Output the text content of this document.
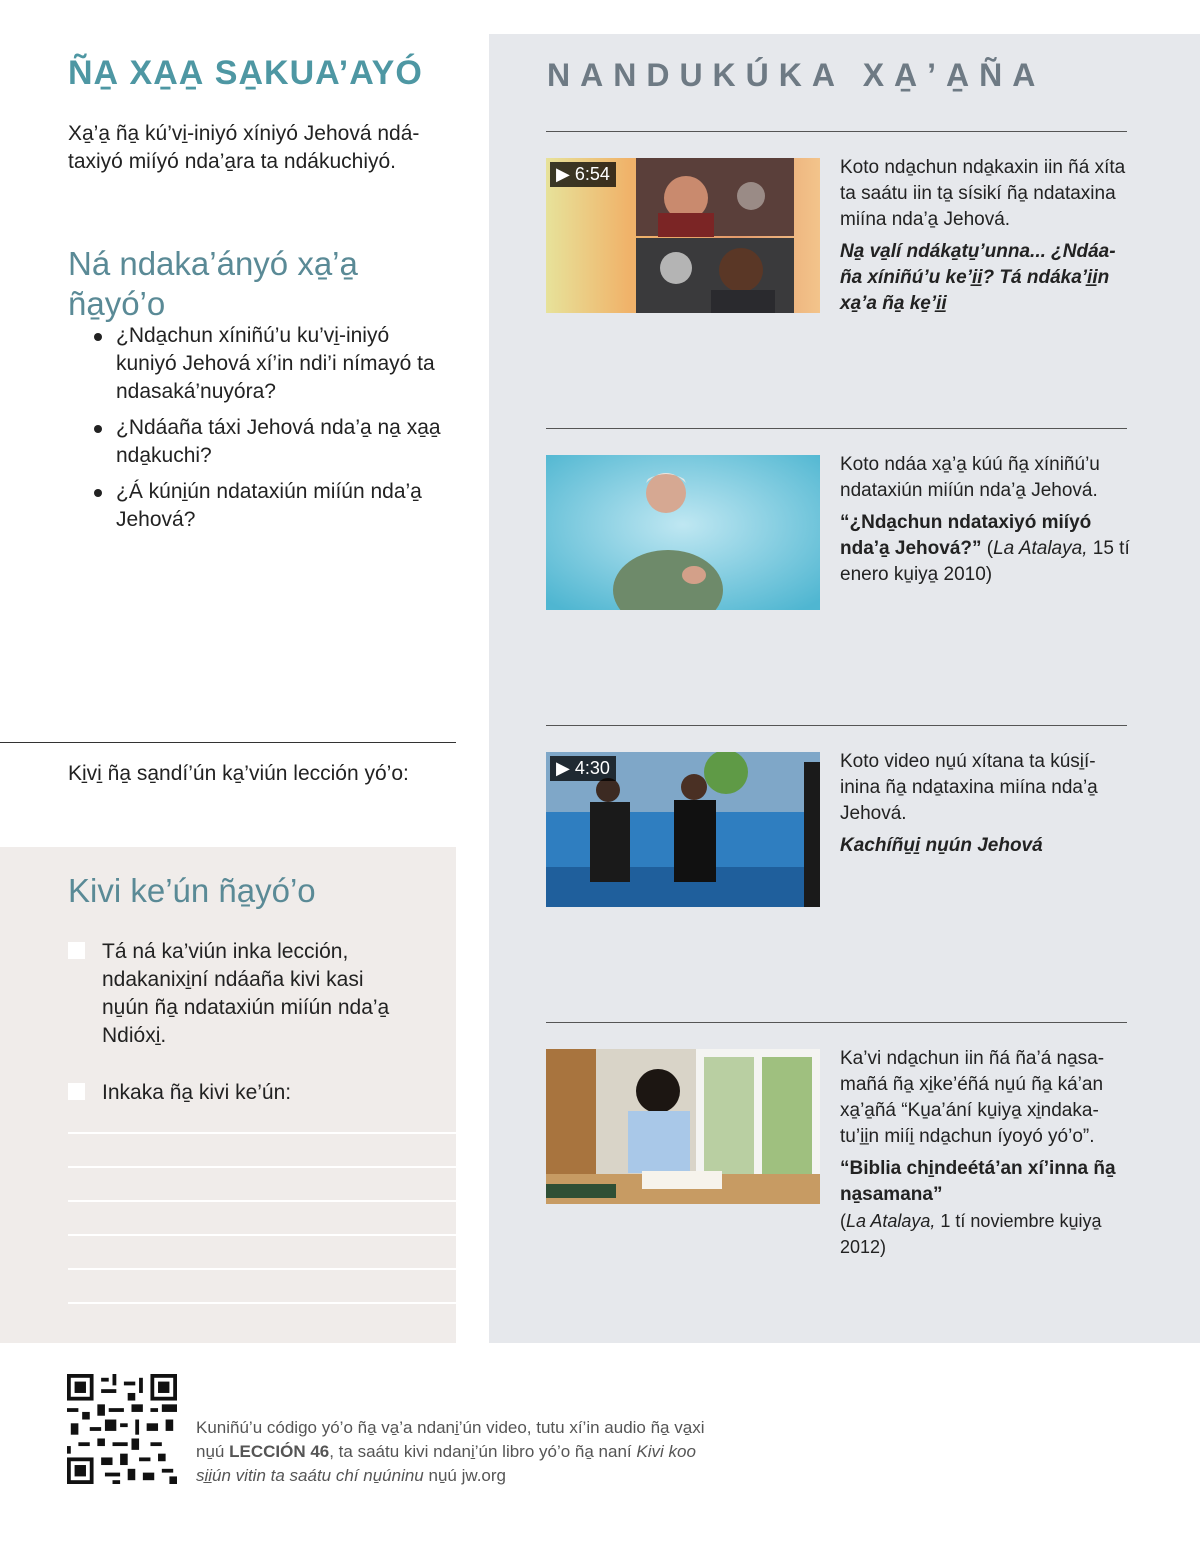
ÑA̱ XA̱A̱ SA̱KUA’AYÓ

Xa̱’a̱ ña̱ kú’vi̱-iniyó xíniyó Jehová ndátaxiyó miíyó nda’a̱ra ta ndákuchiyó.

Ná ndaka’ányó xa̱’a̱ ña̱yó’o
¿Nda̱chun xíniñú’u ku’vi̱-iniyó kuniyó Jehová xí’in ndi’i nímayó ta ndasaká’nuyóra?
¿Ndáaña táxi Jehová nda’a̱ na̱ xa̱a̱ nda̱kuchi?
¿Á kúni̱ún ndataxiún miíún nda’a̱ Jehová?

Ki̱vi̱ ña̱ sa̱ndí’ún ka̱’viún lección yó’o:

Kivi ke’ún ña̱yó’o
Tá ná ka’viún inka lección, ndakanixi̱ní ndáaña kivi kasi nu̱ún ña̱ ndataxiún miíún nda’a̱ Ndióxi̱.
Inkaka ña̱ kivi ke’ún:
NANDUKÚKA XA̱’A̱ÑA
▶ 6:54	Koto nda̱chun nda̱kaxin iin ñá xíta ta saátu iin ta̱ sísikí ña̱ ndataxina miína nda’a̱ Jehová.

Na̱ va̱lí ndáka̱tu̱’unna... ¿Ndáaña xíniñú’u ke’i̱i̱? Tá ndáka’i̱i̱n xa̱’a ña̱ ke̱’i̱i̱

Koto ndáa xa̱’a̱ kúú ña̱ xíniñú’u ndataxiún miíún nda’a̱ Jehová.

“¿Nda̱chun ndataxiyó miíyó nda’a̱ Jehová?” (La Atalaya, 15 tí enero ku̱iya̱ 2010)

▶ 4:30	Koto video nu̱ú xítana ta kúsi̱í-inina ña̱ nda̱taxina miína nda’a̱ Jehová.

Kachíñu̱i̱ nu̱ún Jehová

Ka’vi nda̱chun iin ñá ña’á na̱samañá ña̱ xi̱ke’éñá nu̱ú ña̱ ká’an xa̱’a̱ñá “Ku̱a’ání ku̱iya̱ xi̱ndakatu’i̱i̱n miíi̱ nda̱chun íyoyó yó’o”.

“Biblia chi̱ndeétá’an xí’inna ña̱ na̱samana”

(La Atalaya, 1 tí noviembre ku̱iya̱ 2012)

Kuniñú’u código yó’o ña̱ va̱’a ndani̱’ún video, tutu xí’in audio ña̱ va̱xi nu̱ú LECCIÓN 46, ta saátu kivi ndani̱’ún libro yó’o ña̱ naní Kivi koo si̱i̱ún vitin ta saátu chí nu̱úninu nu̱ú jw.org
